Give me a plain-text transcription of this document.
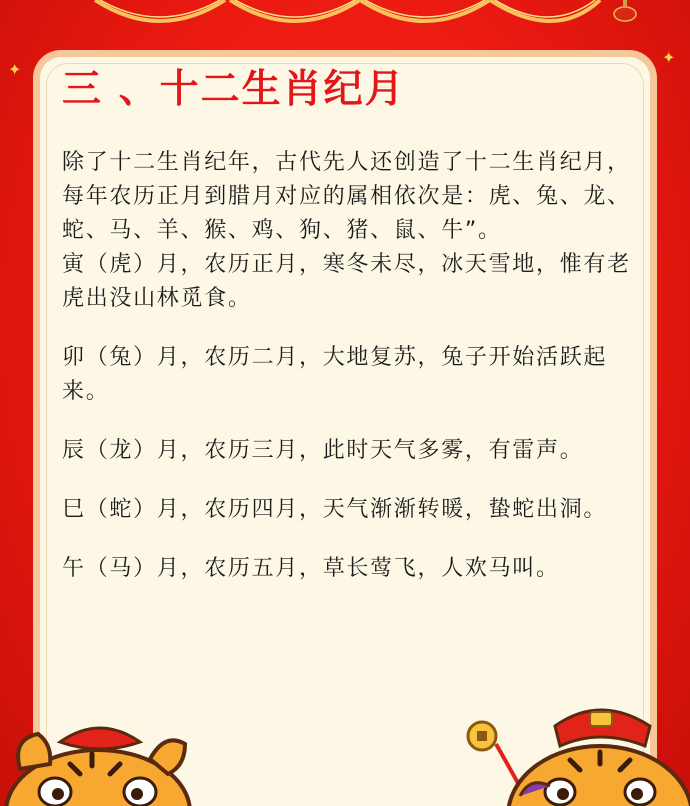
✦
✦
三 、十二生肖纪月

除了十二生肖纪年，古代先人还创造了十二生肖纪月，每年农历正月到腊月对应的属相依次是：虎、兔、龙、蛇、马、羊、猴、鸡、狗、猪、鼠、牛”。

寅（虎）月，农历正月，寒冬未尽，冰天雪地，惟有老虎出没山林觅食。

卯（兔）月，农历二月，大地复苏，兔子开始活跃起来。

辰（龙）月，农历三月，此时天气多雾，有雷声。

巳（蛇）月，农历四月，天气渐渐转暖，蛰蛇出洞。

午（马）月，农历五月，草长莺飞，人欢马叫。
